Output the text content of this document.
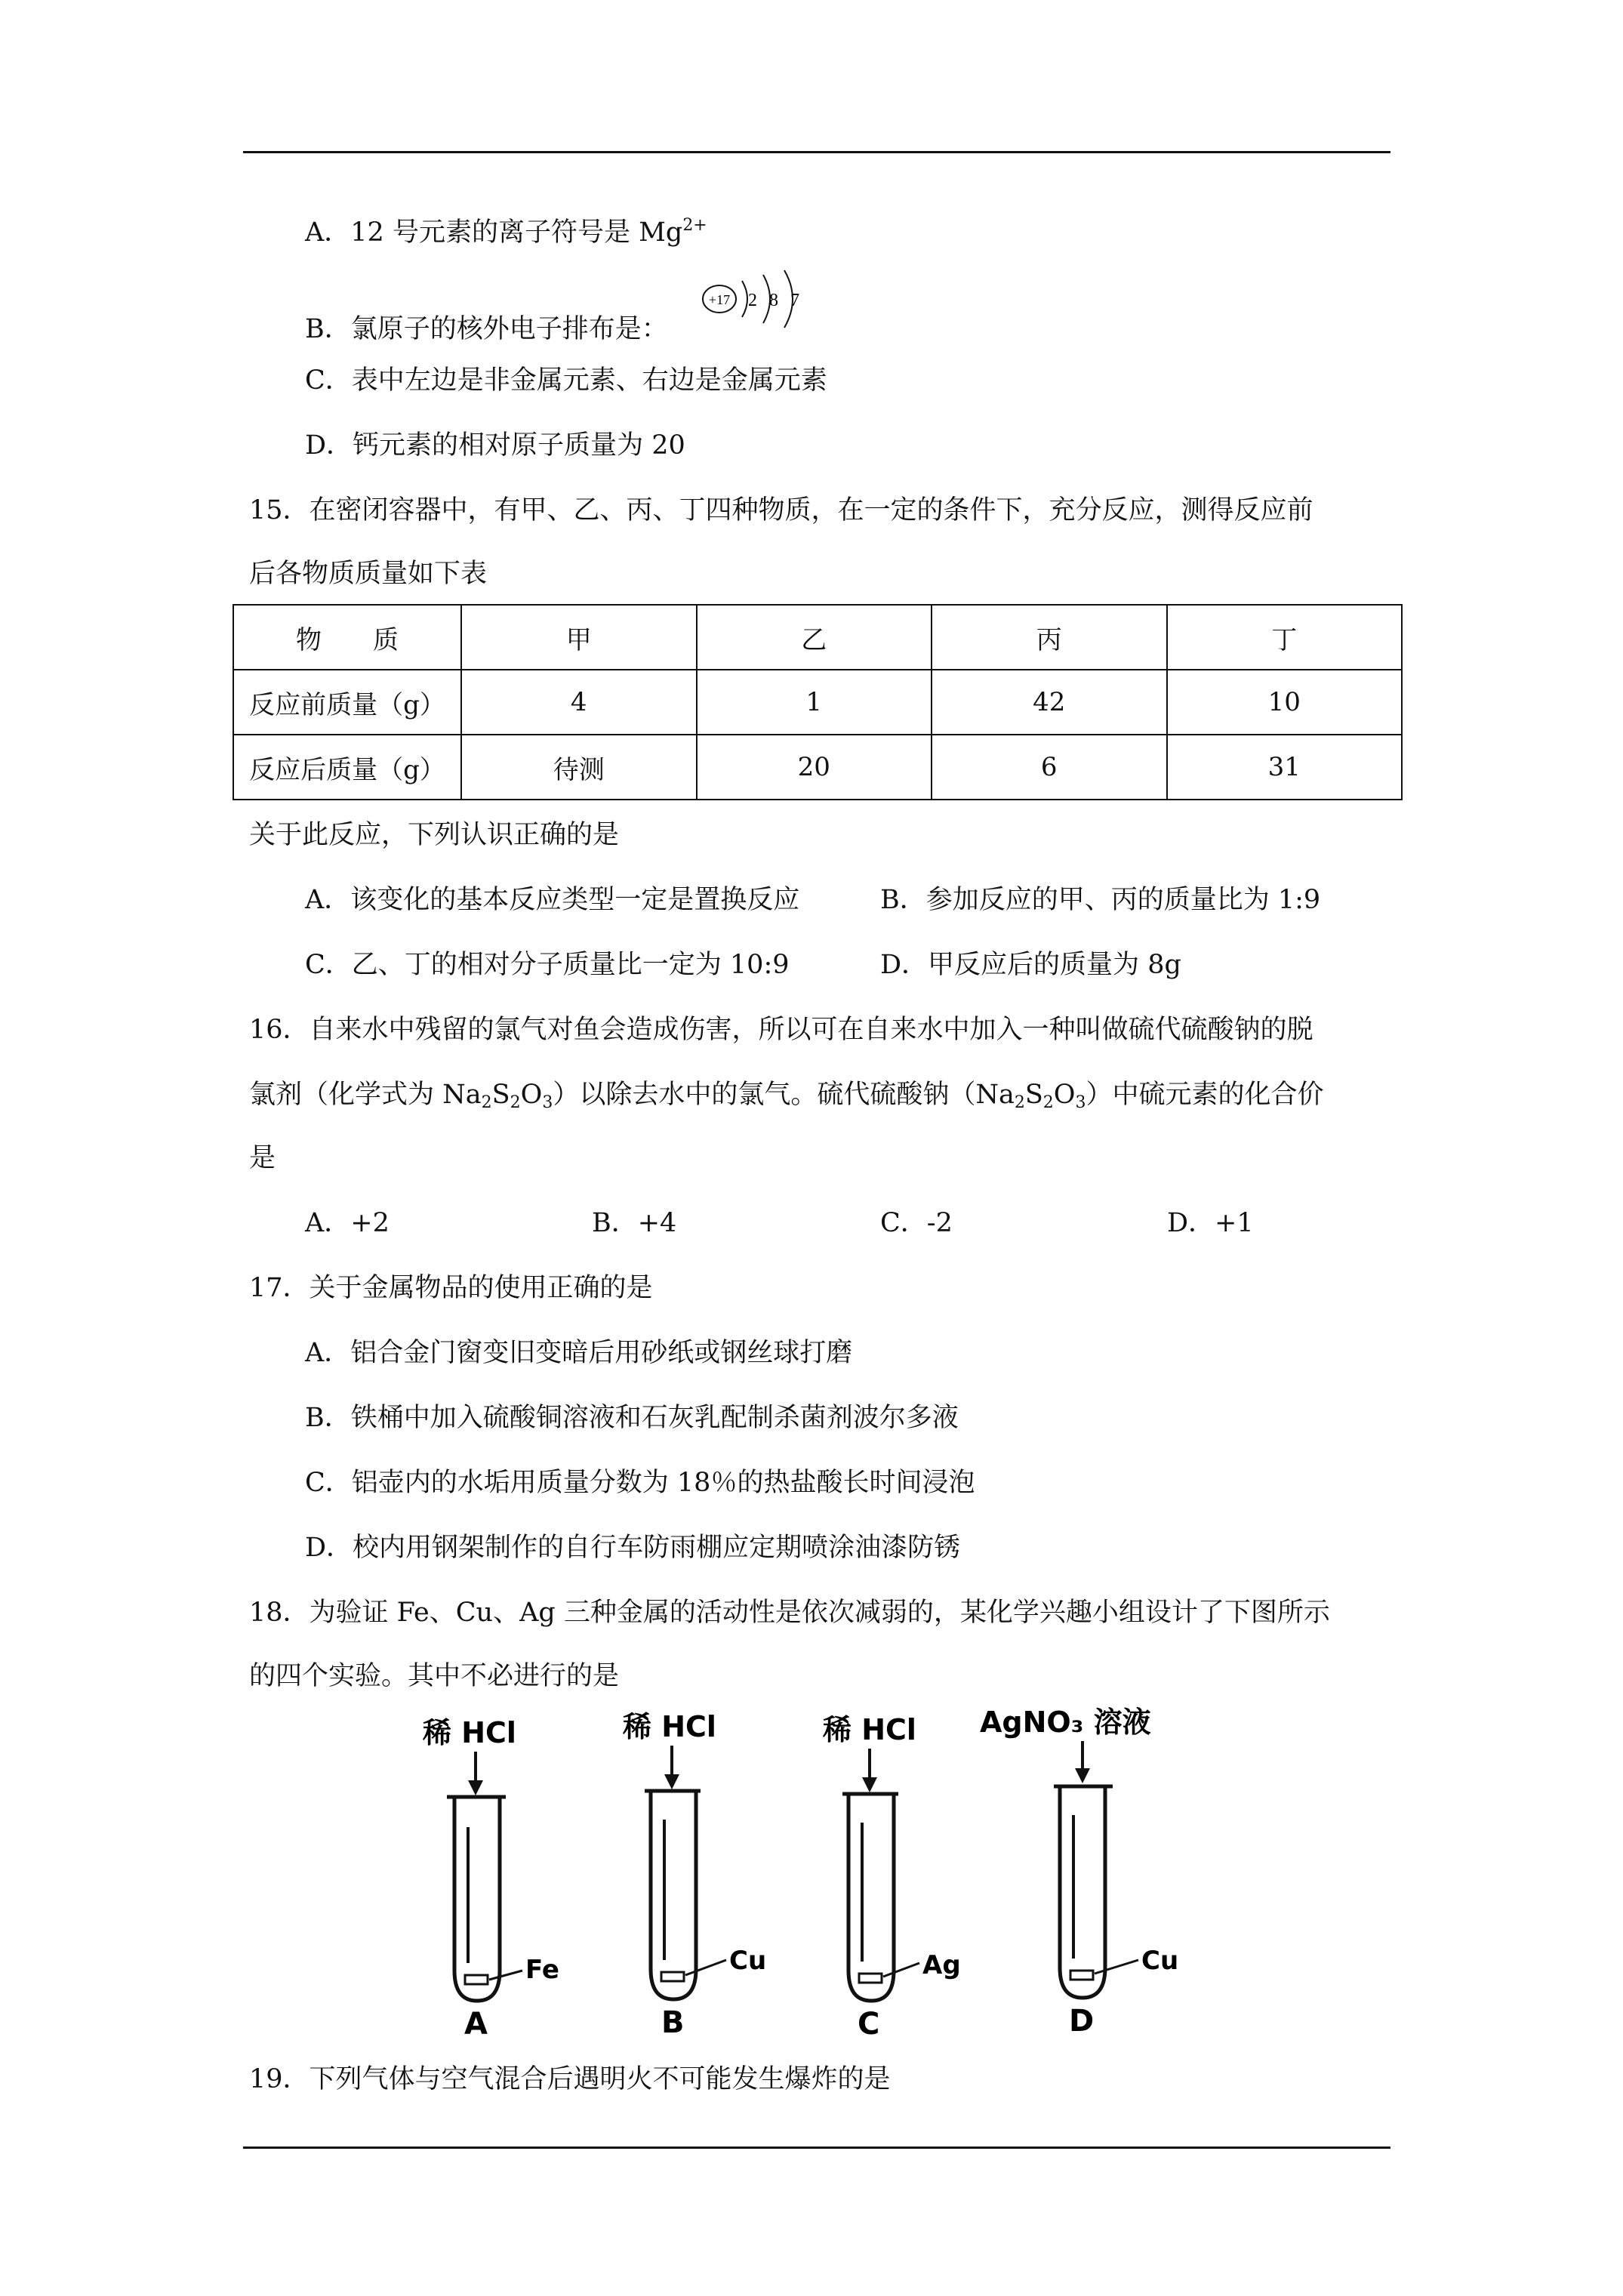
A．12 号元素的离子符号是 $Mg^{2+}$
B．氯原子的核外电子排布是：
+17 2 8 7
C．表中左边是非金属元素、右边是金属元素
D．钙元素的相对原子质量为 20
15．在密闭容器中，有甲、乙、丙、丁四种物质，在一定的条件下，充分反应，测得反应前
后各物质质量如下表
物　　质	甲	乙	丙	丁
反应前质量（g）	4	1	42	10
反应后质量（g）	待测	20	6	31
关于此反应，下列认识正确的是
A．该变化的基本反应类型一定是置换反应	B．参加反应的甲、丙的质量比为 1:9
C．乙、丁的相对分子质量比一定为 10:9	D．甲反应后的质量为 8g
16．自来水中残留的氯气对鱼会造成伤害，所以可在自来水中加入一种叫做硫代硫酸钠的脱
氯剂（化学式为 $Na_2S_2O_3$）以除去水中的氯气。硫代硫酸钠$(Na_2S_2O_3)$中硫元素的化合价
是
A．+2	B．+4	C．-2	D．+1
17．关于金属物品的使用正确的是
A．铝合金门窗变旧变暗后用砂纸或钢丝球打磨
B．铁桶中加入硫酸铜溶液和石灰乳配制杀菌剂波尔多液
C．铝壶内的水垢用质量分数为 18％的热盐酸长时间浸泡
D．校内用钢架制作的自行车防雨棚应定期喷涂油漆防锈
18．为验证 Fe、Cu、Ag 三种金属的活动性是依次减弱的，某化学兴趣小组设计了下图所示
的四个实验。其中不必进行的是
稀 HCl
Fe
A
稀 HCl
Cu
B
稀 HCl
Ag
C
AgNO₃ 溶液
Cu
D
19．下列气体与空气混合后遇明火不可能发生爆炸的是
